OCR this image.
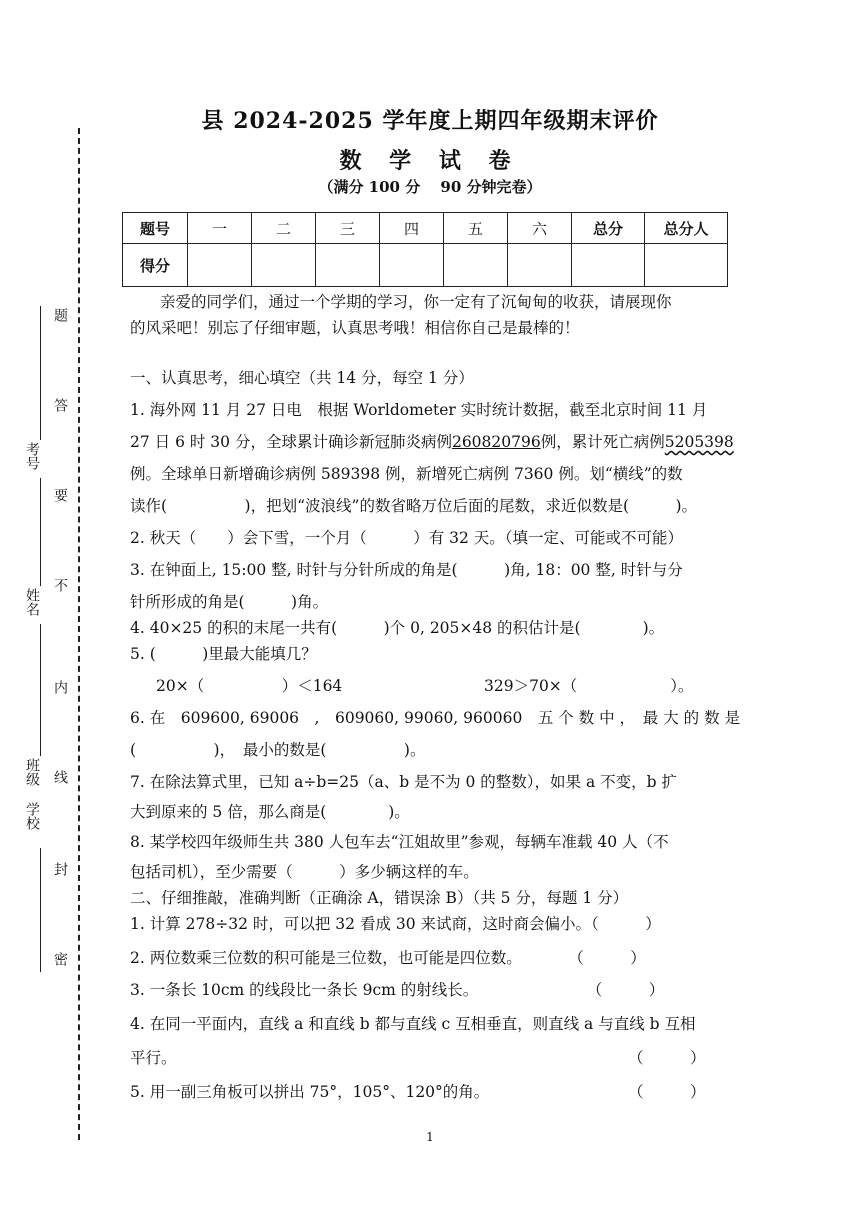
题
答
要
不
内
线
封
密
考号
姓名
班级
学校
县 2024-2025 学年度上期四年级期末评价
数 学 试 卷
（满分 100 分　 90 分钟完卷）
题号	一	二	三	四	五	六	总分	总分人
得分								
亲爱的同学们，通过一个学期的学习，你一定有了沉甸甸的收获，请展现你
的风采吧！别忘了仔细审题，认真思考哦！相信你自己是最棒的！
一、认真思考，细心填空（共 14 分，每空 1 分）
1. 海外网 11 月 27 日电　根据 Worldometer 实时统计数据，截至北京时间 11 月
27 日 6 时 30 分，全球累计确诊新冠肺炎病例260820796例，累计死亡病例5205398
例。全球单日新增确诊病例 589398 例，新增死亡病例 7360 例。划“横线”的数
读作(　　　　　)，把划“波浪线”的数省略万位后面的尾数，求近似数是(　　　)。
2. 秋天（　　）会下雪，一个月（　　　）有 32 天。（填一定、可能或不可能）
3. 在钟面上, 15:00 整, 时针与分针所成的角是(　　　)角, 18：00 整, 时针与分
针所形成的角是(　　　)角。
4. 40×25 的积的末尾一共有(　　　)个 0, 205×48 的积估计是(　　　　)。
5. (　　　)里最大能填几？
20×（　　　　　）＜164	329＞70×（　　　　　　）。
6. 在　609600, 69006　,　609060, 99060, 960060　五 个 数 中 ，　最 大 的 数 是
(　　　　　)，　最小的数是(　　　　　)。
7. 在除法算式里，已知 a÷b=25（a、b 是不为 0 的整数），如果 a 不变，b 扩
大到原来的 5 倍，那么商是(　　　　)。
8. 某学校四年级师生共 380 人包车去“江姐故里”参观，每辆车准载 40 人（不
包括司机），至少需要（　　　）多少辆这样的车。
二、仔细推敲，准确判断（正确涂 A，错误涂 B）（共 5 分，每题 1 分）
1. 计算 278÷32 时，可以把 32 看成 30 来试商，这时商会偏小。（　　　）
2. 两位数乘三位数的积可能是三位数，也可能是四位数。　　　　（　　　）
3. 一条长 10cm 的线段比一条长 9cm 的射线长。　　　　　　　　（　　　）
4. 在同一平面内，直线 a 和直线 b 都与直线 c 互相垂直，则直线 a 与直线 b 互相
平行。	（　　　）
5. 用一副三角板可以拼出 75°，105°、120°的角。	（　　　）
1
